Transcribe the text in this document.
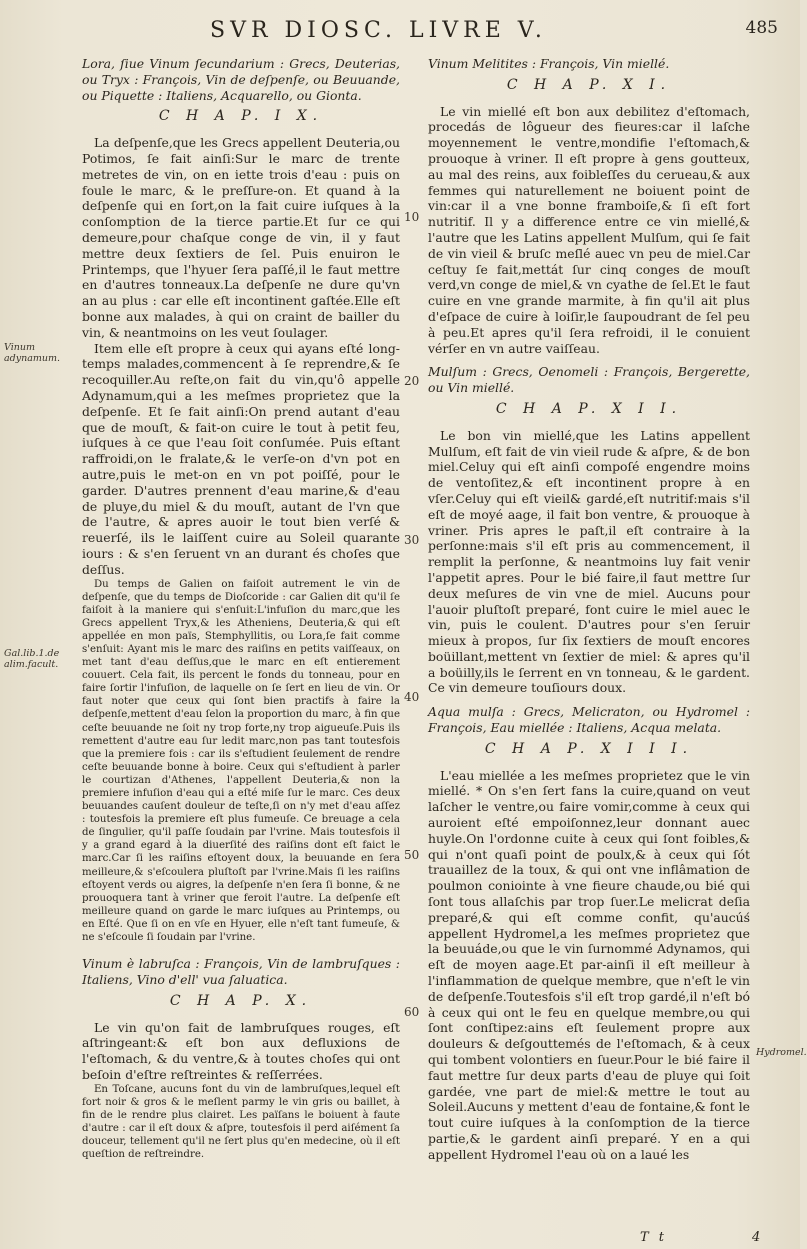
SVR DIOSC. LIVRE V.	485

Lora, ſiue Vinum ſecundarium : Grecs, Deuterias, ou Tryx : François, Vin de deſpenſe, ou Beuuande, ou Piquette : Italiens, Acquarello, ou Gionta.

C H A P. I X.

La deſpenſe,que les Grecs appellent Deuteria,ou Potimos, ſe fait ainſi:Sur le marc de trente metretes de vin, on en iette trois d'eau : puis on foule le marc, & le preſſure-on. Et quand à la deſpenſe qui en ſort,on la fait cuire iuſques à la conſomption de la tierce partie.Et ſur ce qui demeure,pour chaſque conge de vin, il y faut mettre deux ſextiers de ſel. Puis enuiron le Printemps, que l'hyuer ſera paſſé,il le faut mettre en d'autres tonneaux.La deſpenſe ne dure qu'vn an au plus : car elle eſt incontinent gaſtée.Elle eſt bonne aux malades, à qui on craint de bailler du vin, & neantmoins on les veut ſoulager.

Item elle eſt propre à ceux qui ayans eſté long-temps malades,commencent à ſe reprendre,& ſe recoquiller.Au reſte,on fait du vin,qu'ô appelle Adynamum,qui a les meſmes proprietez que la deſpenſe. Et ſe fait ainſi:On prend autant d'eau que de mouſt, & fait-on cuire le tout à petit feu, iuſques à ce que l'eau ſoit conſumée. Puis eſtant raffroidi,on le fralate,& le verſe-on d'vn pot en autre,puis le met-on en vn pot poiſſé, pour le garder. D'autres prennent d'eau marine,& d'eau de pluye,du miel & du mouſt, autant de l'vn que de l'autre, & apres auoir le tout bien verſé & reuerſé, ils le laiſſent cuire au Soleil quarante iours : & s'en ſeruent vn an durant és choſes que deſſus.

Du temps de Galien on faiſoit autrement le vin de deſpenſe, que du temps de Dioſcoride : car Galien dit qu'il ſe faiſoit à la maniere qui s'enſuit:L'infuſion du marc,que les Grecs appellent Tryx,& les Atheniens, Deuteria,& qui eſt appellée en mon païs, Stemphyllitis, ou Lora,ſe fait comme s'enſuit: Ayant mis le marc des raiſins en petits vaiſſeaux, on met tant d'eau deſſus,que le marc en eſt entierement couuert. Cela fait, ils percent le fonds du tonneau, pour en faire ſortir l'infuſion, de laquelle on ſe ſert en lieu de vin. Or faut noter que ceux qui ſont bien practifs à faire la deſpenſe,mettent d'eau ſelon la proportion du marc, à fin que ceſte beuuande ne ſoit ny trop forte,ny trop aigueuſe.Puis ils remettent d'autre eau ſur ledit marc,non pas tant toutesfois que la premiere fois : car ils s'eſtudient ſeulement de rendre ceſte beuuande bonne à boire. Ceux qui s'eſtudient à parler le courtizan d'Athenes, l'appellent Deuteria,& non la premiere infuſion d'eau qui a eſté miſe ſur le marc. Ces deux beuuandes cauſent douleur de teſte,ſi on n'y met d'eau aſſez : toutesfois la premiere eſt plus fumeuſe. Ce breuage a cela de ſingulier, qu'il paſſe ſoudain par l'vrine. Mais toutesfois il y a grand egard à la diuerſité des raiſins dont eſt faict le marc.Car ſi les raiſins eſtoyent doux, la beuuande en ſera meilleure,& s'eſcoulera pluſtoſt par l'vrine.Mais ſi les raiſins eſtoyent verds ou aigres, la deſpenſe n'en ſera ſi bonne, & ne prouoquera tant à vriner que feroit l'autre. La deſpenſe eſt meilleure quand on garde le marc iuſques au Printemps, ou en Eſté. Que ſi on en vſe en Hyuer, elle n'eſt tant fumeuſe, & ne s'eſcoule ſi ſoudain par l'vrine.

Vinum è labruſca : François, Vin de lambruſques : Italiens, Vino d'ell' vua ſaluatica.

C H A P. X.

Le vin qu'on fait de lambruſques rouges, eſt aſtringeant:& eſt bon aux defluxions de l'eſtomach, & du ventre,& à toutes choſes qui ont beſoin d'eſtre reſtreintes & reſſerrées.

En Toſcane, aucuns font du vin de lambruſques,lequel eſt fort noir & gros & le meſlent parmy le vin gris ou baillet, à fin de le rendre plus clairet. Les païſans le boiuent à faute d'autre : car il eſt doux & aſpre, toutesfois il perd aiſément ſa douceur, tellement qu'il ne ſert plus qu'en medecine, où il eſt queſtion de reſtreindre.

Vinum Melitites : François, Vin miellé.

C H A P. X I.

Le vin miellé eſt bon aux debilitez d'eſtomach, procedás de lôgueur des fieures:car il laſche moyennement le ventre,mondifie l'eſtomach,& prouoque à vriner. Il eſt propre à gens goutteux, au mal des reins, aux foibleſſes du cerueau,& aux femmes qui naturellement ne boiuent point de vin:car il a vne bonne framboiſe,& ſi eſt fort nutritif. Il y a difference entre ce vin miellé,& l'autre que les Latins appellent Mulſum, qui ſe fait de vin vieil & bruſc meſlé auec vn peu de miel.Car ceſtuy ſe fait,mettát ſur cinq conges de mouſt verd,vn conge de miel,& vn cyathe de ſel.Et le faut cuire en vne grande marmite, à fin qu'il ait plus d'eſpace de cuire à loiſir,le ſaupoudrant de ſel peu à peu.Et apres qu'il ſera refroidi, il le conuient vérſer en vn autre vaiſſeau.

Mulſum : Grecs, Oenomeli : François, Bergerette, ou Vin miellé.

C H A P. X I I.

Le bon vin miellé,que les Latins appellent Mulſum, eſt fait de vin vieil rude & aſpre, & de bon miel.Celuy qui eſt ainſi compoſé engendre moins de ventoſitez,& eſt incontinent propre à en vſer.Celuy qui eſt vieil& gardé,eſt nutritif:mais s'il eſt de moyé aage, il fait bon ventre, & prouoque à vriner. Pris apres le paſt,il eſt contraire à la perſonne:mais s'il eſt pris au commencement, il remplit la perſonne, & neantmoins luy fait venir l'appetit apres. Pour le bié faire,il faut mettre ſur deux meſures de vin vne de miel. Aucuns pour l'auoir pluſtoſt preparé, font cuire le miel auec le vin, puis le coulent. D'autres pour s'en ſeruir mieux à propos, ſur ſix ſextiers de mouſt encores boüillant,mettent vn ſextier de miel: & apres qu'il a boüilly,ils le ſerrent en vn tonneau, & le gardent. Ce vin demeure touſiours doux.

Aqua mulſa : Grecs, Melicraton, ou Hydromel : François, Eau miellée : Italiens, Acqua melata.

C H A P. X I I I.

L'eau miellée a les meſmes proprietez que le vin miellé. * On s'en ſert fans la cuire,quand on veut laſcher le ventre,ou faire vomir,comme à ceux qui auroient eſté empoiſonnez,leur donnant auec huyle.On l'ordonne cuite à ceux qui ſont foibles,& qui n'ont quaſi point de poulx,& à ceux qui ſót trauaillez de la toux, & qui ont vne inflâmation de poulmon coniointe à vne fieure chaude,ou bié qui ſont tous allaſchis par trop ſuer.Le melicrat deſia preparé,& qui eſt comme confit, qu'aucúś appellent Hydromel,a les meſmes proprietez que la beuuáde,ou que le vin ſurnommé Adynamos, qui eſt de moyen aage.Et par-ainſi il eſt meilleur à l'inflammation de quelque membre, que n'eſt le vin de deſpenſe.Toutesfois s'il eſt trop gardé,il n'eſt bó à ceux qui ont le feu en quelque membre,ou qui ſont conſtipez:ains eſt ſeulement propre aux douleurs & deſgouttemés de l'eſtomach, & à ceux qui tombent volontiers en ſueur.Pour le bié faire il faut mettre ſur deux parts d'eau de pluye qui ſoit gardée, vne part de miel:& mettre le tout au Soleil.Aucuns y mettent d'eau de fontaine,& font le tout cuire iuſques à la conſomption de la tierce partie,& le gardent ainſi preparé. Y en a qui appellent Hydromel l'eau où on a laué les

Vinum adynamum.
Gal.lib.1.de alim.facult.
Hydromel.
10
20
30
40
50
60
T t	4
